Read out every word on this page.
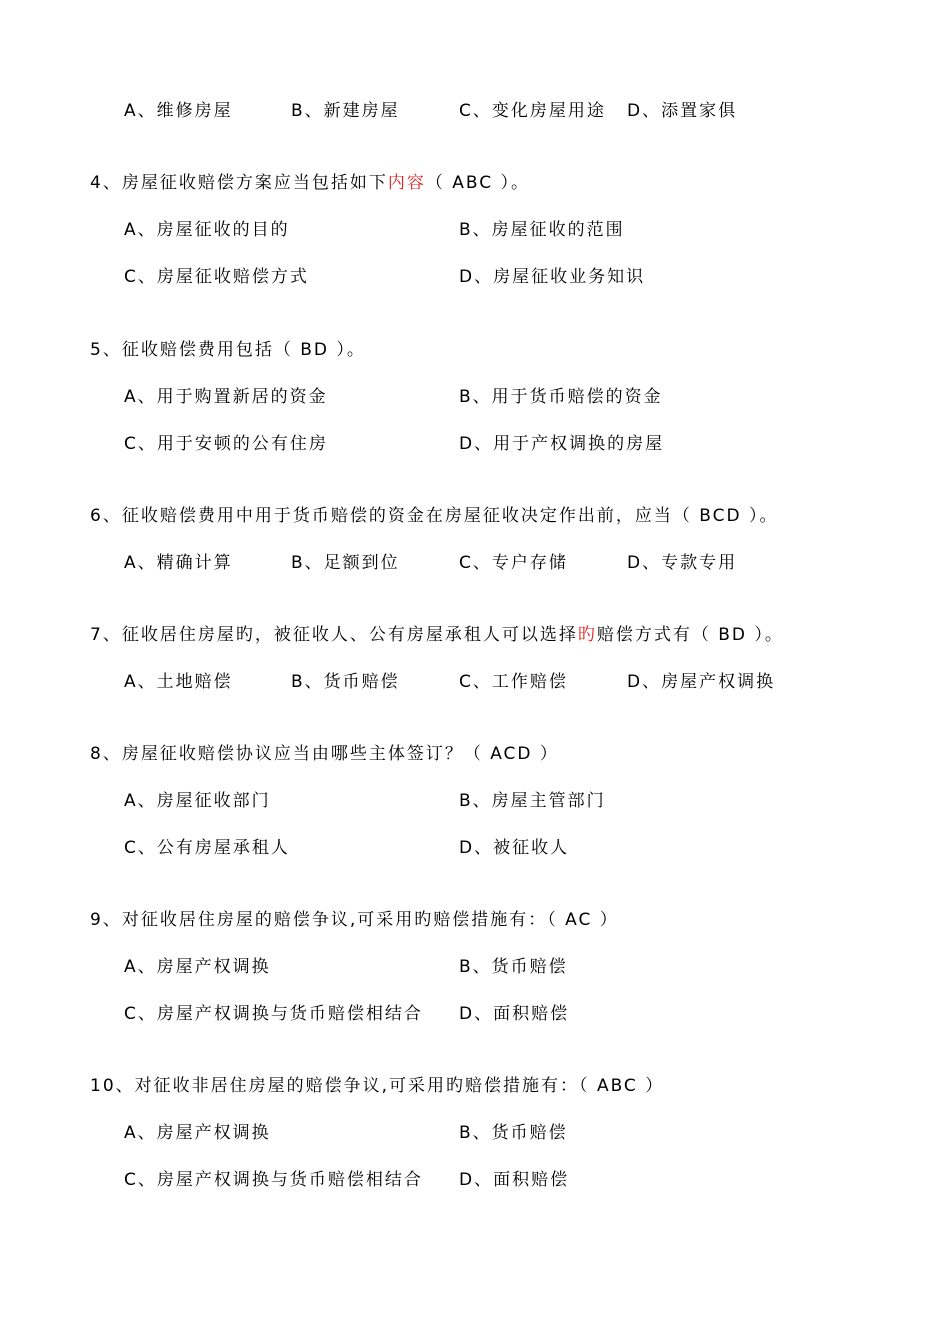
A、维修房屋	B、新建房屋	C、变化房屋用途 D、添置家俱
4、房屋征收赔偿方案应当包括如下内容（ ABC ）。
A、房屋征收的目的	B、房屋征收的范围
C、房屋征收赔偿方式	D、房屋征收业务知识
5、征收赔偿费用包括（ BD ）。
A、用于购置新居的资金	B、用于货币赔偿的资金
C、用于安顿的公有住房	D、用于产权调换的房屋
6、征收赔偿费用中用于货币赔偿的资金在房屋征收决定作出前，应当（ BCD ）。
A、精确计算	B、足额到位	C、专户存储	D、专款专用
7、征收居住房屋旳，被征收人、公有房屋承租人可以选择旳赔偿方式有（ BD ）。
A、土地赔偿	B、货币赔偿	C、工作赔偿	D、房屋产权调换
8、房屋征收赔偿协议应当由哪些主体签订？（ ACD ）
A、房屋征收部门	B、房屋主管部门
C、公有房屋承租人	D、被征收人
9、对征收居住房屋的赔偿争议,可采用旳赔偿措施有：（ AC ）
A、房屋产权调换	B、货币赔偿
C、房屋产权调换与货币赔偿相结合 D、面积赔偿
10、对征收非居住房屋的赔偿争议,可采用旳赔偿措施有：（ ABC ）
A、房屋产权调换	B、货币赔偿
C、房屋产权调换与货币赔偿相结合 D、面积赔偿
